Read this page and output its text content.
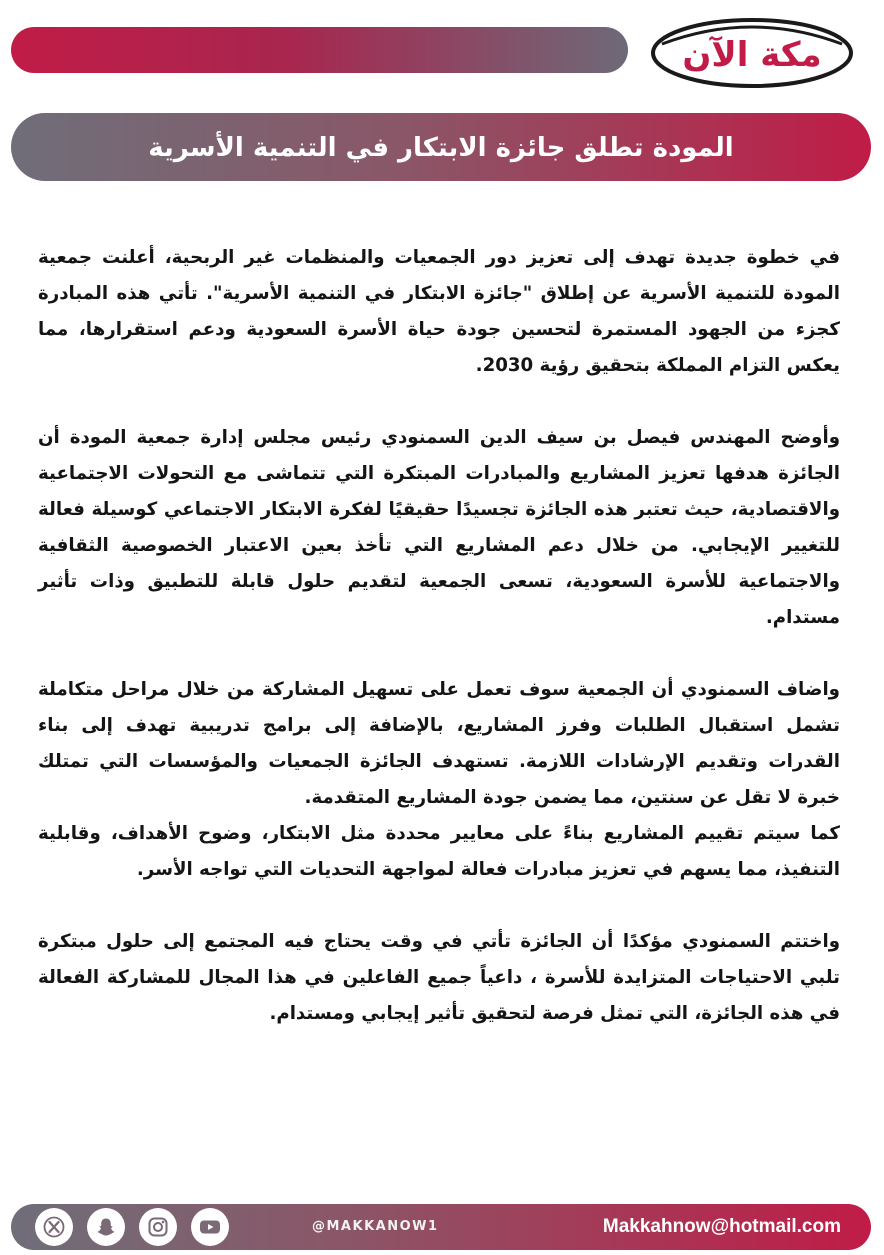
مكة الآن
المودة تطلق جائزة الابتكار في التنمية الأسرية

في خطوة جديدة تهدف إلى تعزيز دور الجمعيات والمنظمات غير الربحية، أعلنت جمعية المودة للتنمية الأسرية عن إطلاق "جائزة الابتكار في التنمية الأسرية". تأتي هذه المبادرة كجزء من الجهود المستمرة لتحسين جودة حياة الأسرة السعودية ودعم استقرارها، مما يعكس التزام المملكة بتحقيق رؤية 2030.

وأوضح المهندس فيصل بن سيف الدين السمنودي رئيس مجلس إدارة جمعية المودة أن الجائزة هدفها تعزيز المشاريع والمبادرات المبتكرة التي تتماشى مع التحولات الاجتماعية والاقتصادية، حيث تعتبر هذه الجائزة تجسيدًا حقيقيًا لفكرة الابتكار الاجتماعي كوسيلة فعالة للتغيير الإيجابي. من خلال دعم المشاريع التي تأخذ بعين الاعتبار الخصوصية الثقافية والاجتماعية للأسرة السعودية، تسعى الجمعية لتقديم حلول قابلة للتطبيق وذات تأثير مستدام.

واضاف السمنودي أن الجمعية سوف تعمل على تسهيل المشاركة من خلال مراحل متكاملة تشمل استقبال الطلبات وفرز المشاريع، بالإضافة إلى برامج تدريبية تهدف إلى بناء القدرات وتقديم الإرشادات اللازمة. تستهدف الجائزة الجمعيات والمؤسسات التي تمتلك خبرة لا تقل عن سنتين، مما يضمن جودة المشاريع المتقدمة.

كما سيتم تقييم المشاريع بناءً على معايير محددة مثل الابتكار، وضوح الأهداف، وقابلية التنفيذ، مما يسهم في تعزيز مبادرات فعالة لمواجهة التحديات التي تواجه الأسر.

واختتم السمنودي مؤكدًا أن الجائزة تأتي في وقت يحتاج فيه المجتمع إلى حلول مبتكرة تلبي الاحتياجات المتزايدة للأسرة ، داعياً جميع الفاعلين في هذا المجال للمشاركة الفعالة في هذه الجائزة، التي تمثل فرصة لتحقيق تأثير إيجابي ومستدام.

@MAKKANOW1	Makkahnow@hotmail.com
